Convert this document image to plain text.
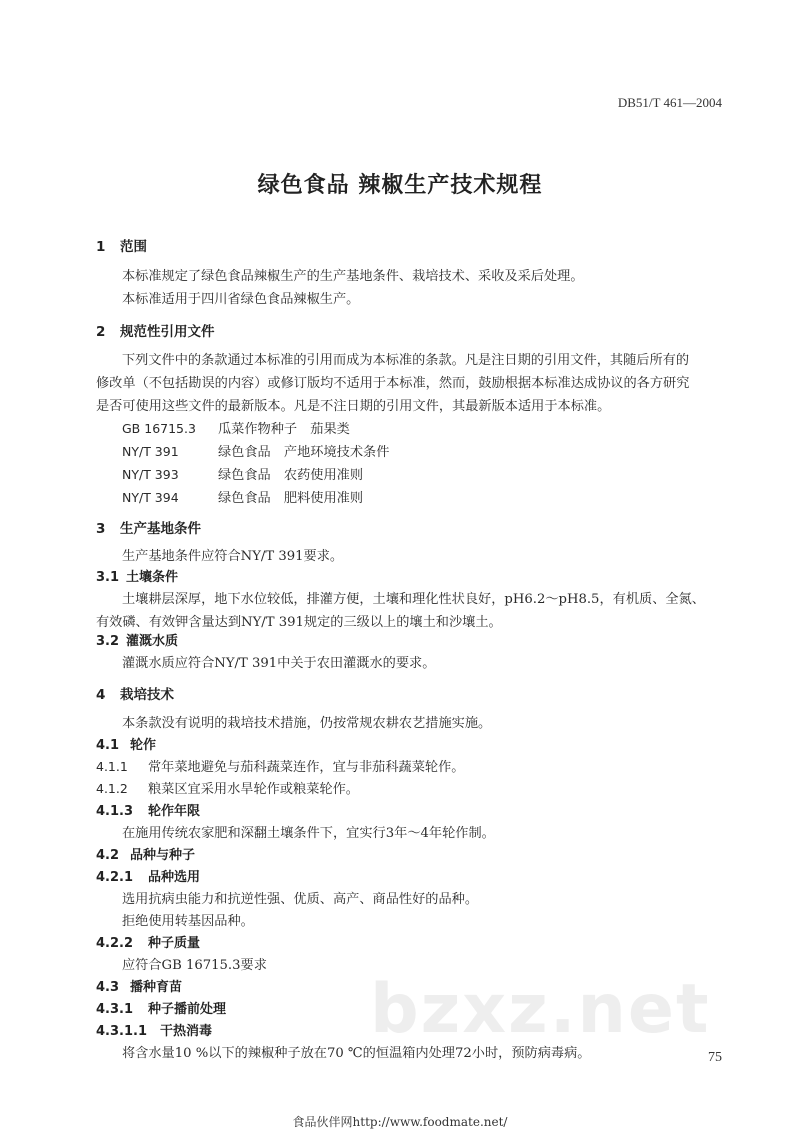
DB51/T 461—2004
绿色食品 辣椒生产技术规程
1 范围
本标准规定了绿色食品辣椒生产的生产基地条件、栽培技术、采收及采后处理。
本标准适用于四川省绿色食品辣椒生产。
2 规范性引用文件
下列文件中的条款通过本标准的引用而成为本标准的条款。凡是注日期的引用文件，其随后所有的
修改单（不包括勘误的内容）或修订版均不适用于本标准，然而，鼓励根据本标准达成协议的各方研究
是否可使用这些文件的最新版本。凡是不注日期的引用文件，其最新版本适用于本标准。
GB 16715.3 瓜菜作物种子　茄果类
NY/T 391	绿色食品　产地环境技术条件
NY/T 393	绿色食品　农药使用准则
NY/T 394	绿色食品　肥料使用准则
3 生产基地条件
生产基地条件应符合NY/T 391要求。
3.1 土壤条件
土壤耕层深厚，地下水位较低，排灌方便，土壤和理化性状良好，pH6.2～pH8.5，有机质、全氮、
有效磷、有效钾含量达到NY/T 391规定的三级以上的壤土和沙壤土。
3.2 灌溉水质
灌溉水质应符合NY/T 391中关于农田灌溉水的要求。
4 栽培技术
本条款没有说明的栽培技术措施，仍按常规农耕农艺措施实施。
4.1 轮作
4.1.1 常年菜地避免与茄科蔬菜连作，宜与非茄科蔬菜轮作。
4.1.2 粮菜区宜采用水旱轮作或粮菜轮作。
4.1.3 轮作年限
在施用传统农家肥和深翻土壤条件下，宜实行3年～4年轮作制。
4.2 品种与种子
4.2.1 品种选用
选用抗病虫能力和抗逆性强、优质、高产、商品性好的品种。
拒绝使用转基因品种。
4.2.2 种子质量
应符合GB 16715.3要求
4.3 播种育苗
4.3.1 种子播前处理
4.3.1.1 干热消毒
将含水量10 %以下的辣椒种子放在70 ℃的恒温箱内处理72小时，预防病毒病。
bzxz.net
75
食品伙伴网http://www.foodmate.net/
